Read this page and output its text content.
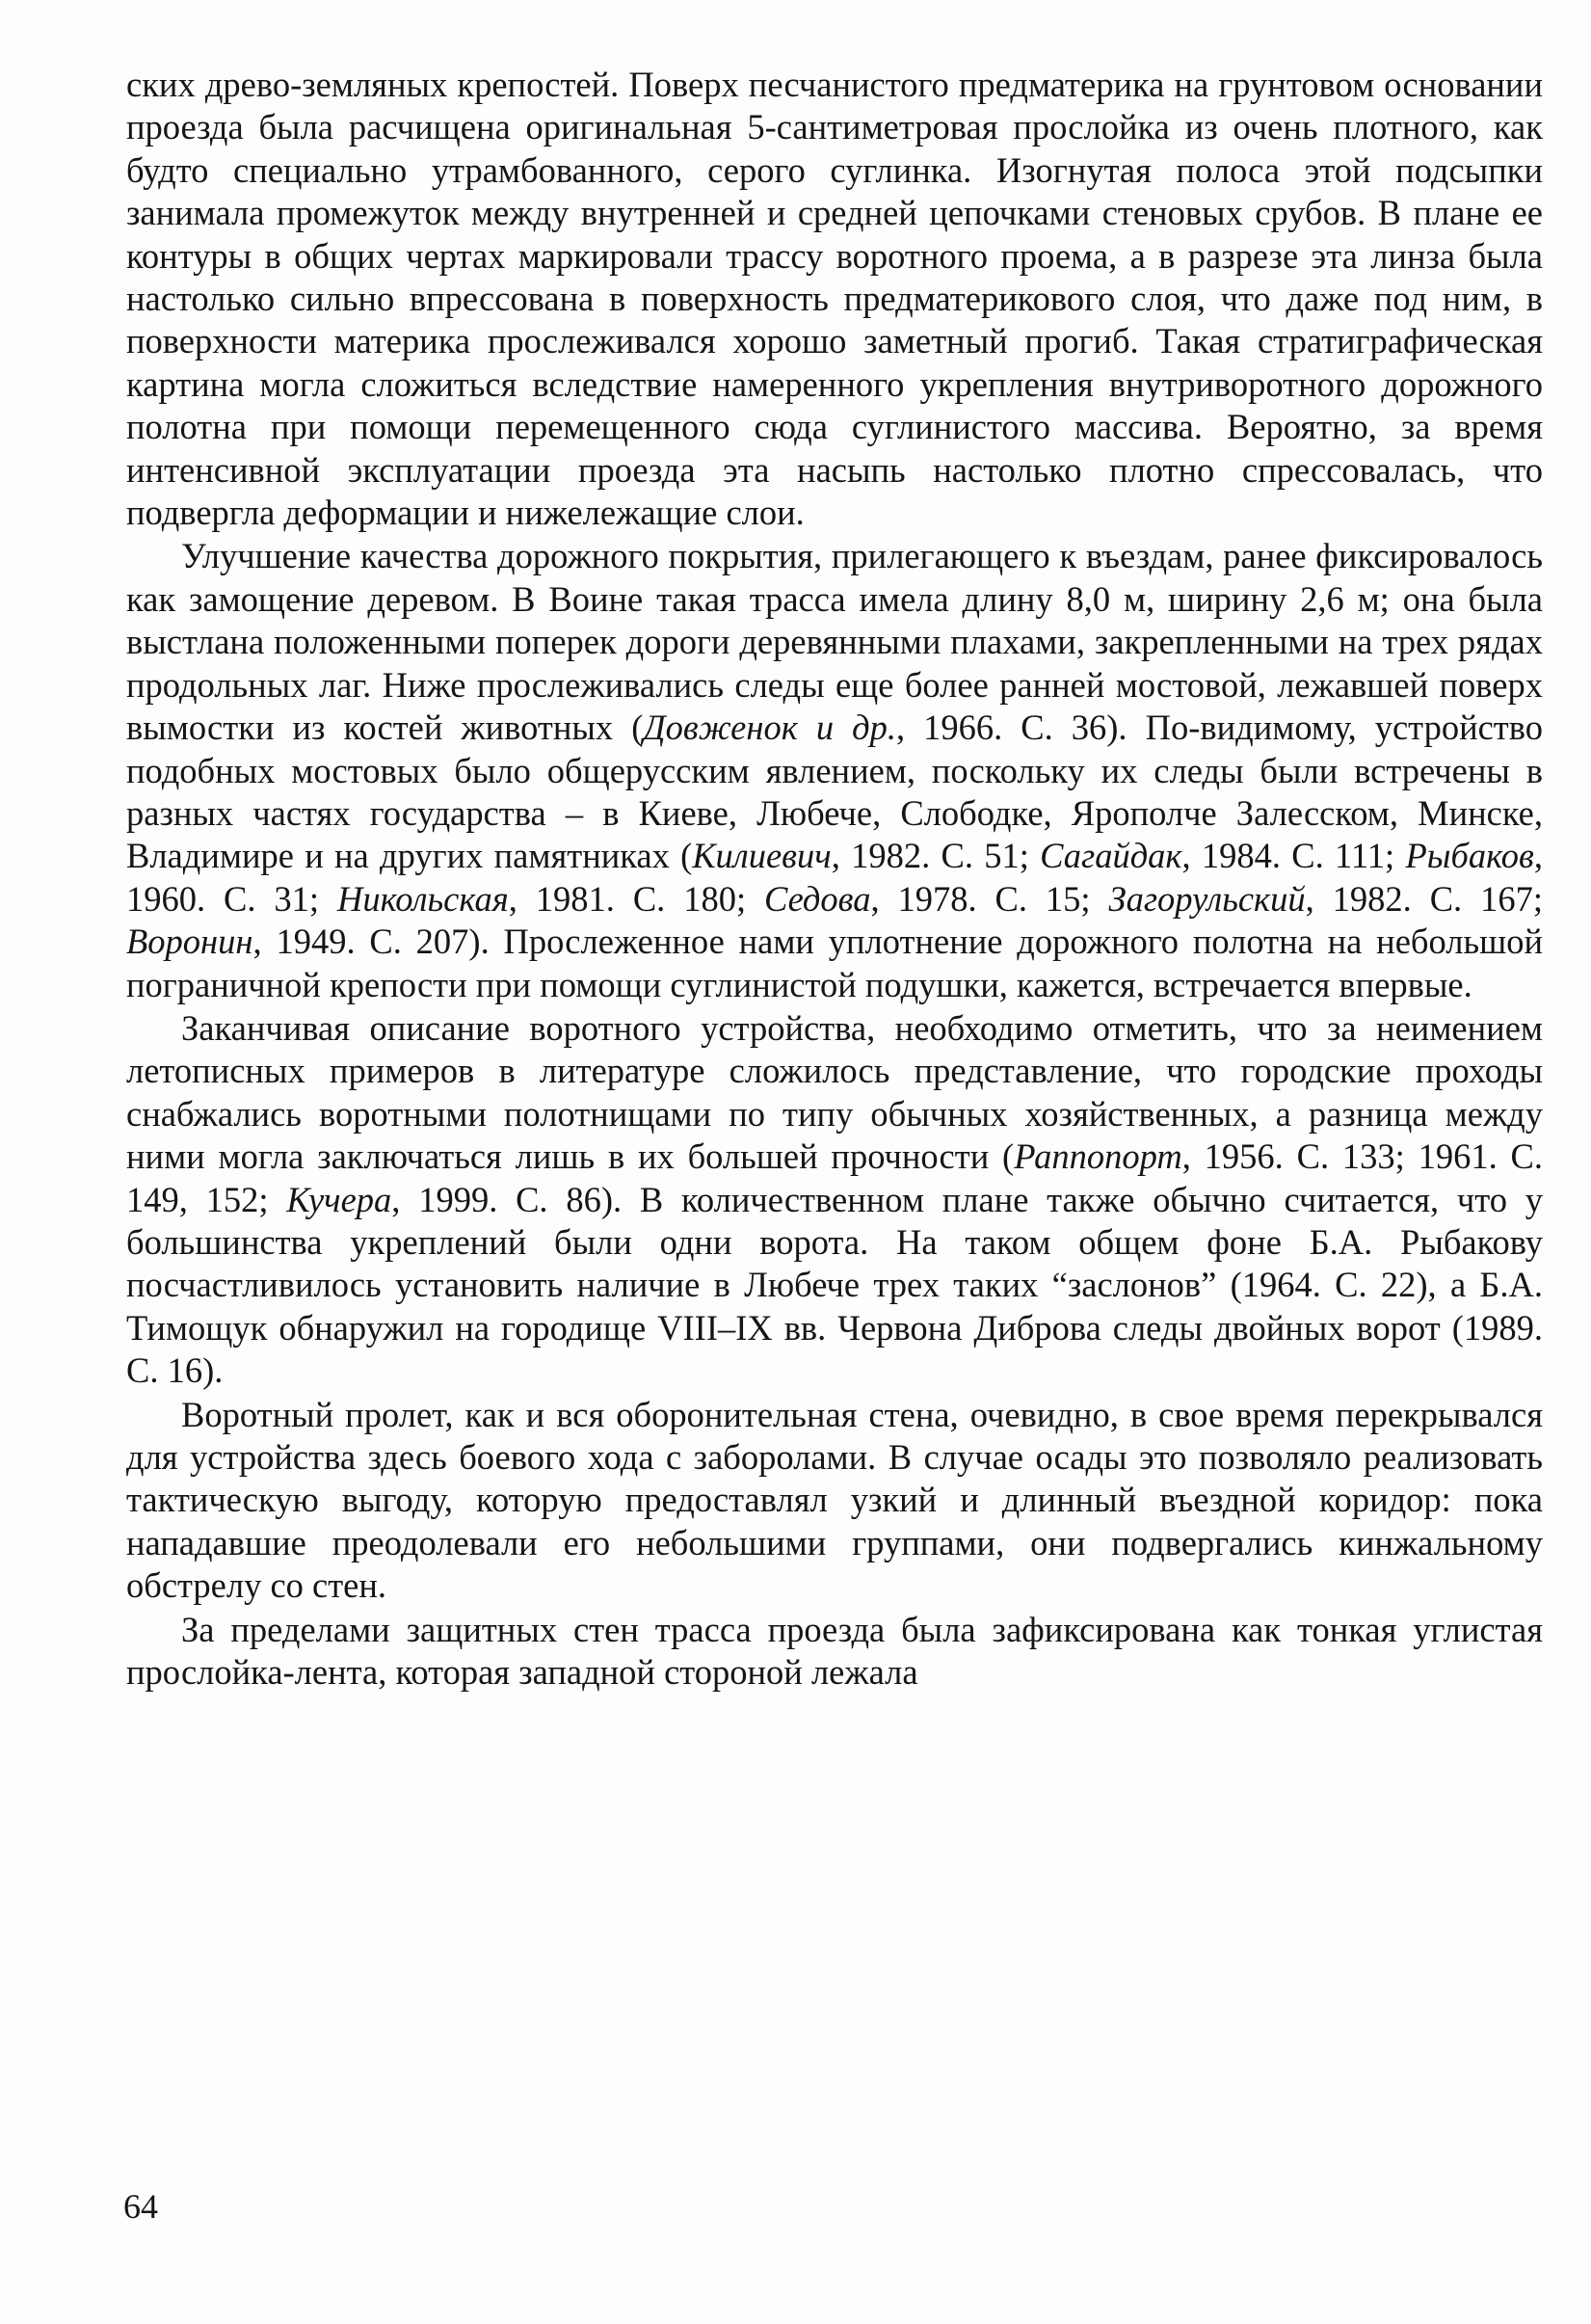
ских древо-земляных крепостей. Поверх песчанистого предматерика на грунтовом основании проезда была расчищена оригинальная 5-сантиметровая прослойка из очень плотного, как будто специально утрамбованного, серого суглинка. Изогнутая полоса этой подсыпки занимала промежуток между внутренней и средней цепочками стеновых срубов. В плане ее контуры в общих чертах маркировали трассу воротного проема, а в разрезе эта линза была настолько сильно впрессована в поверхность предматерикового слоя, что даже под ним, в поверхности материка прослеживался хорошо заметный прогиб. Такая стратиграфическая картина могла сложиться вследствие намеренного укрепления внутриворотного дорожного полотна при помощи перемещенного сюда суглинистого массива. Вероятно, за время интенсивной эксплуатации проезда эта насыпь настолько плотно спрессовалась, что подвергла деформации и нижележащие слои.

Улучшение качества дорожного покрытия, прилегающего к въездам, ранее фиксировалось как замощение деревом. В Воине такая трасса имела длину 8,0 м, ширину 2,6 м; она была выстлана положенными поперек дороги деревянными плахами, закрепленными на трех рядах продольных лаг. Ниже прослеживались следы еще более ранней мостовой, лежавшей поверх вымостки из костей животных (Довженок и др., 1966. С. 36). По-видимому, устройство подобных мостовых было общерусским явлением, поскольку их следы были встречены в разных частях государства – в Киеве, Любече, Слободке, Ярополче Залесском, Минске, Владимире и на других памятниках (Килиевич, 1982. С. 51; Сагайдак, 1984. С. 111; Рыбаков, 1960. С. 31; Никольская, 1981. С. 180; Седова, 1978. С. 15; Загорульский, 1982. С. 167; Воронин, 1949. С. 207). Прослеженное нами уплотнение дорожного полотна на небольшой пограничной крепости при помощи суглинистой подушки, кажется, встречается впервые.

Заканчивая описание воротного устройства, необходимо отметить, что за неимением летописных примеров в литературе сложилось представление, что городские проходы снабжались воротными полотнищами по типу обычных хозяйственных, а разница между ними могла заключаться лишь в их большей прочности (Раппопорт, 1956. С. 133; 1961. С. 149, 152; Кучера, 1999. С. 86). В количественном плане также обычно считается, что у большинства укреплений были одни ворота. На таком общем фоне Б.А. Рыбакову посчастливилось установить наличие в Любече трех таких “заслонов” (1964. С. 22), а Б.А. Тимощук обнаружил на городище VIII–IX вв. Червона Диброва следы двойных ворот (1989. С. 16).

Воротный пролет, как и вся оборонительная стена, очевидно, в свое время перекрывался для устройства здесь боевого хода с заборолами. В случае осады это позволяло реализовать тактическую выгоду, которую предоставлял узкий и длинный въездной коридор: пока нападавшие преодолевали его небольшими группами, они подвергались кинжальному обстрелу со стен.

За пределами защитных стен трасса проезда была зафиксирована как тонкая углистая прослойка-лента, которая западной стороной лежала

64
